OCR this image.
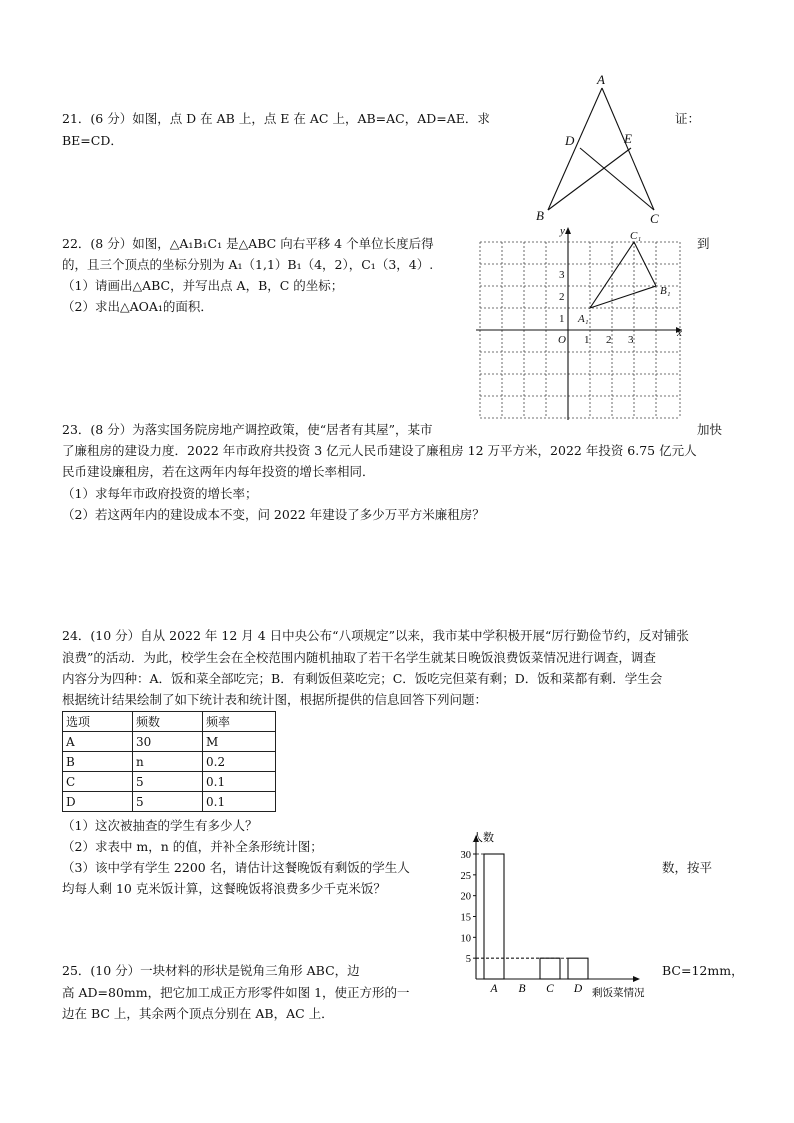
21．(6 分）如图，点 D 在 AB 上，点 E 在 AC 上，AB=AC，AD=AE．求	证：
BE=CD．
A
B	C
D	E
22．(8 分）如图，△A₁B₁C₁ 是△ABC 向右平移 4 个单位长度后得	到
的，且三个顶点的坐标分别为 A₁（1,1）B₁（4，2），C₁（3，4）.
（1）请画出△ABC，并写出点 A，B，C 的坐标；
（2）求出△AOA₁的面积．
x
y
O 1 2 3
1
2
3
A₁
B₁
C₁
23．(8 分）为落实国务院房地产调控政策，使“居者有其屋”，某市	加快
了廉租房的建设力度．2022 年市政府共投资 3 亿元人民币建设了廉租房 12 万平方米，2022 年投资 6.75 亿元人
民币建设廉租房，若在这两年内每年投资的增长率相同．
（1）求每年市政府投资的增长率；
（2）若这两年内的建设成本不变，问 2022 年建设了多少万平方米廉租房？
24．(10 分）自从 2022 年 12 月 4 日中央公布“八项规定”以来，我市某中学积极开展“厉行勤俭节约，反对铺张
浪费”的活动．为此，校学生会在全校范围内随机抽取了若干名学生就某日晚饭浪费饭菜情况进行调查，调查
内容分为四种：A．饭和菜全部吃完；B．有剩饭但菜吃完；C．饭吃完但菜有剩；D．饭和菜都有剩．学生会
根据统计结果绘制了如下统计表和统计图，根据所提供的信息回答下列问题：
选项	频数	频率
A	30	M
B	n	0.2
C	5	0.1
D	5	0.1
（1）这次被抽查的学生有多少人？
（2）求表中 m，n 的值，并补全条形统计图；
（3）该中学有学生 2200 名，请估计这餐晚饭有剩饭的学生人	数，按平
均每人剩 10 克米饭计算，这餐晚饭将浪费多少千克米饭？
人数
剩饭菜情况
5
10
15
20
25
30
A B C D
25．(10 分）一块材料的形状是锐角三角形 ABC，边	BC=12mm，
高 AD=80mm，把它加工成正方形零件如图 1，使正方形的一
边在 BC 上，其余两个顶点分别在 AB，AC 上．
